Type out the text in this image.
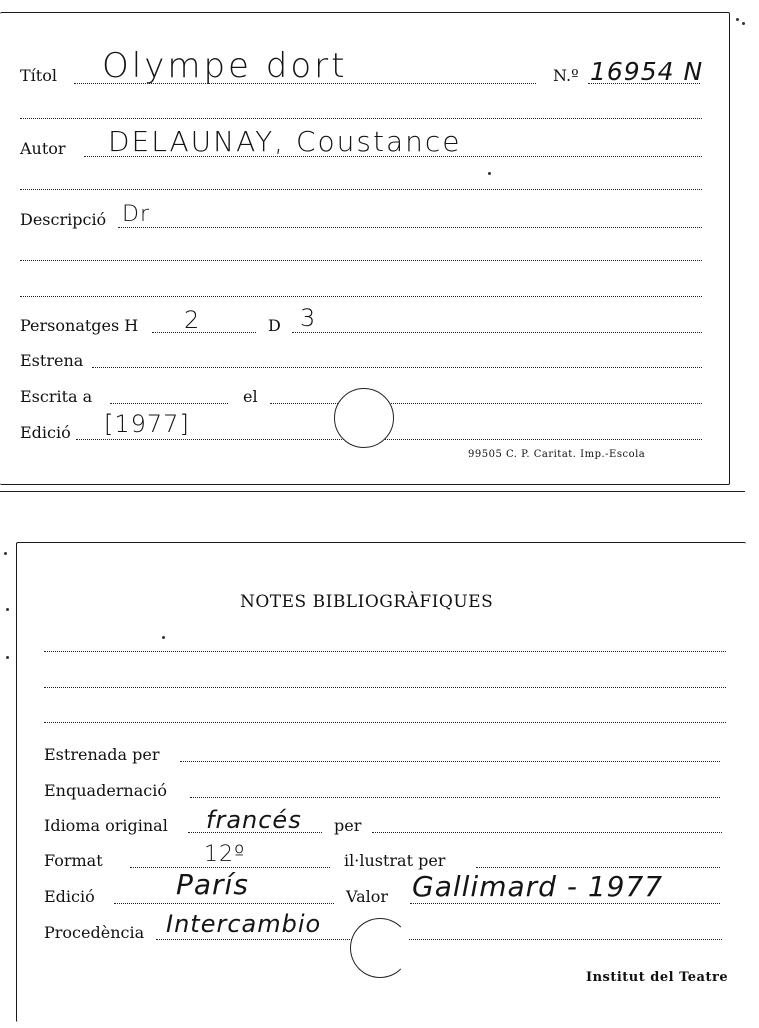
Títol Olympe dort	N.º 16954 N
Autor DELAUNAY, Coustance
Descripció Dr
Personatges H 2	D 3
Estrena
Escrita a	el
Edició [1977]
99505 C. P. Caritat. Imp.-Escola
NOTES BIBLIOGRÀFIQUES
Estrenada per
Enquadernació
Idioma original francés per
Format	12º	il·lustrat per
Edició	París	Valor Gallimard - 1977
Procedència Intercambio
Institut del Teatre
